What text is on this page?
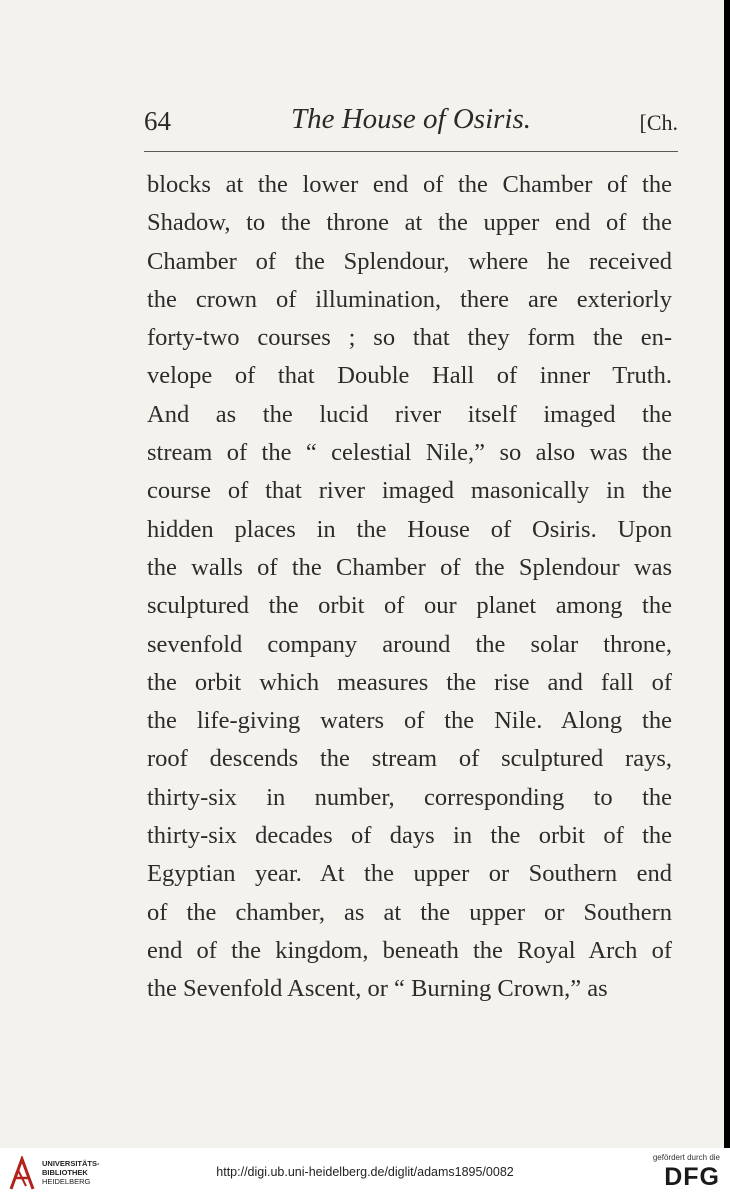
64	The House of Osiris.	[Ch.
blocks at the lower end of the Chamber of the
Shadow, to the throne at the upper end of the
Chamber of the Splendour, where he received
the crown of illumination, there are exteriorly
forty-two courses ; so that they form the en-
velope of that Double Hall of inner Truth.
And as the lucid river itself imaged the
stream of the “ celestial Nile,” so also was the
course of that river imaged masonically in the
hidden places in the House of Osiris. Upon
the walls of the Chamber of the Splendour was
sculptured the orbit of our planet among the
sevenfold company around the solar throne,
the orbit which measures the rise and fall of
the life-giving waters of the Nile. Along the
roof descends the stream of sculptured rays,
thirty-six in number, corresponding to the
thirty-six decades of days in the orbit of the
Egyptian year. At the upper or Southern end
of the chamber, as at the upper or Southern
end of the kingdom, beneath the Royal Arch of
the Sevenfold Ascent, or “ Burning Crown,” as
UNIVERSITÄTS-
BIBLIOTHEK
HEIDELBERG
http://digi.ub.uni-heidelberg.de/diglit/adams1895/0082
gefördert durch die
DFG
